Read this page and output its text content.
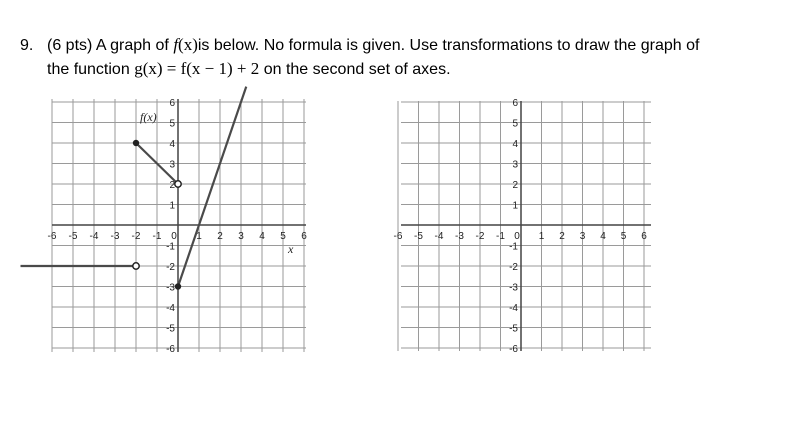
9. (6 pts) A graph of f(x)is below. No formula is given. Use transformations to draw the graph of
the function g(x) = f(x − 1) + 2 on the second set of axes.
-6 -5 -4 -3 -2 -1 0 1 2 3 4 5 6
6
5
4
3
2
1
-1
-2
-3
-4
-5
-6
f(x)
x
-6 -5 -4 -3 -2 -1 0 1 2 3 4 5 6
6
5
4
3
2
1
-1
-2
-3
-4
-5
-6
